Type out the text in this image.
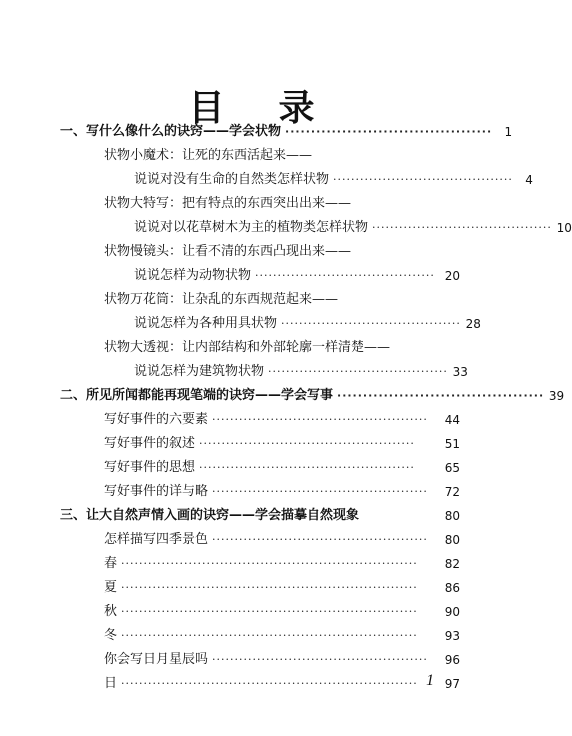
目 录
一、写什么像什么的诀窍——学会状物 ········································	1
状物小魔术：让死的东西活起来——
说说对没有生命的自然类怎样状物 ········································	4
状物大特写：把有特点的东西突出出来——
说说对以花草树木为主的植物类怎样状物 ········································ 10
状物慢镜头：让看不清的东西凸现出来——
说说怎样为动物状物 ········································ 20
状物万花筒：让杂乱的东西规范起来——
说说怎样为各种用具状物 ········································ 28
状物大透视：让内部结构和外部轮廓一样清楚——
说说怎样为建筑物状物 ········································ 33
二、所见所闻都能再现笔端的诀窍——学会写事 ········································ 39
写好事件的六要素 ················································	44
写好事件的叙述 ················································	51
写好事件的思想 ················································	65
写好事件的详与略 ················································	72
三、让大自然声情入画的诀窍——学会描摹自然现象	80
怎样描写四季景色 ················································	80
春 ··································································	82
夏 ··································································	86
秋 ··································································	90
冬 ··································································	93
你会写日月星辰吗 ················································	96
日 ··································································	97
1
